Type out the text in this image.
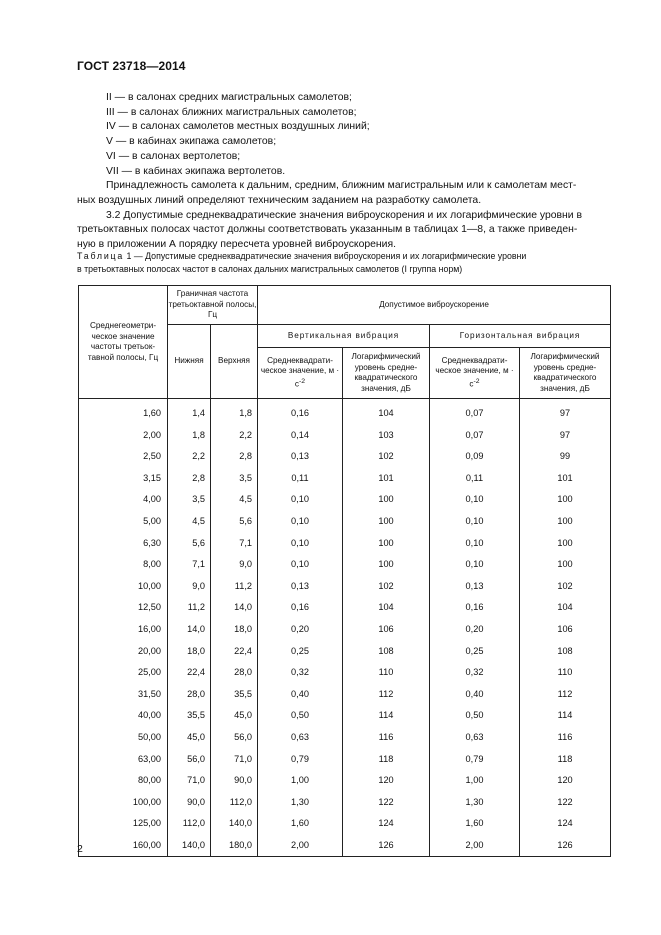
ГОСТ 23718—2014
II — в салонах средних магистральных самолетов;
III — в салонах ближних магистральных самолетов;
IV — в салонах самолетов местных воздушных линий;
V — в кабинах экипажа самолетов;
VI — в салонах вертолетов;
VII — в кабинах экипажа вертолетов.
Принадлежность самолета к дальним, средним, ближним магистральным или к самолетам мест-
ных воздушных линий определяют техническим заданием на разработку самолета.
3.2 Допустимые среднеквадратические значения виброускорения и их логарифмические уровни в
третьоктавных полосах частот должны соответствовать указанным в таблицах 1—8, а также приведен-
ную в приложении А порядку пересчета уровней виброускорения.
Таблица 1 — Допустимые среднеквадратические значения виброускорения и их логарифмические уровни
в третьоктавных полосах частот в салонах дальних магистральных самолетов (I группа норм)
Среднегеометри- ческое значение частоты третьок тавной полосы, Гц	Граничная частота третьоктавной полосы, Гц		Допустимое виброускорение			
	Нижняя	Верхняя	Вертикальная вибрация		Горизонтальная вибрация	
			Среднеквадрати- ческое значение, $м \cdot с^{-2}$	Логарифмический уровень средне- квадратического значения, дБ	Среднеквадрати- ческое значение, $м \cdot с^{-2}$	Логарифмический уровень средне- квадратического значения, дБ
1,60	1,4	1,8	0,16	104	0,07	97
2,00	1,8	2,2	0,14	103	0,07	97
2,50	2,2	2,8	0,13	102	0,09	99
3,15	2,8	3,5	0,11	101	0,11	101
4,00	3,5	4,5	0,10	100	0,10	100
5,00	4,5	5,6	0,10	100	0,10	100
6,30	5,6	7,1	0,10	100	0,10	100
8,00	7,1	9,0	0,10	100	0,10	100
10,00	9,0	11,2	0,13	102	0,13	102
12,50	11,2	14,0	0,16	104	0,16	104
16,00	14,0	18,0	0,20	106	0,20	106
20,00	18,0	22,4	0,25	108	0,25	108
25,00	22,4	28,0	0,32	110	0,32	110
31,50	28,0	35,5	0,40	112	0,40	112
40,00	35,5	45,0	0,50	114	0,50	114
50,00	45,0	56,0	0,63	116	0,63	116
63,00	56,0	71,0	0,79	118	0,79	118
80,00	71,0	90,0	1,00	120	1,00	120
100,00	90,0	112,0	1,30	122	1,30	122
125,00	112,0	140,0	1,60	124	1,60	124
160,00	140,0	180,0	2,00	126	2,00	126
2
